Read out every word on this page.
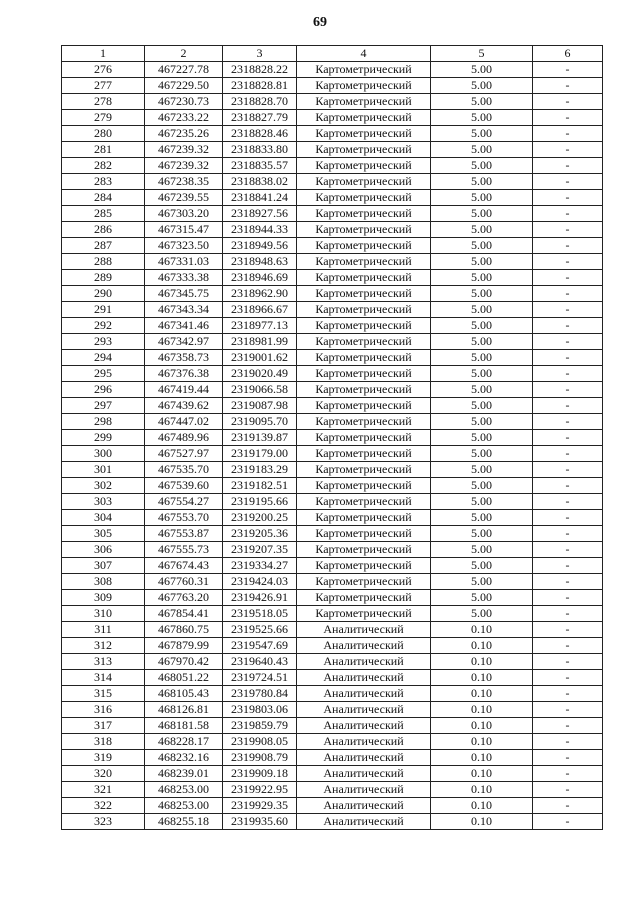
69
1	2	3	4	5	6
276	467227.78	2318828.22	Картометрический	5.00	-
277	467229.50	2318828.81	Картометрический	5.00	-
278	467230.73	2318828.70	Картометрический	5.00	-
279	467233.22	2318827.79	Картометрический	5.00	-
280	467235.26	2318828.46	Картометрический	5.00	-
281	467239.32	2318833.80	Картометрический	5.00	-
282	467239.32	2318835.57	Картометрический	5.00	-
283	467238.35	2318838.02	Картометрический	5.00	-
284	467239.55	2318841.24	Картометрический	5.00	-
285	467303.20	2318927.56	Картометрический	5.00	-
286	467315.47	2318944.33	Картометрический	5.00	-
287	467323.50	2318949.56	Картометрический	5.00	-
288	467331.03	2318948.63	Картометрический	5.00	-
289	467333.38	2318946.69	Картометрический	5.00	-
290	467345.75	2318962.90	Картометрический	5.00	-
291	467343.34	2318966.67	Картометрический	5.00	-
292	467341.46	2318977.13	Картометрический	5.00	-
293	467342.97	2318981.99	Картометрический	5.00	-
294	467358.73	2319001.62	Картометрический	5.00	-
295	467376.38	2319020.49	Картометрический	5.00	-
296	467419.44	2319066.58	Картометрический	5.00	-
297	467439.62	2319087.98	Картометрический	5.00	-
298	467447.02	2319095.70	Картометрический	5.00	-
299	467489.96	2319139.87	Картометрический	5.00	-
300	467527.97	2319179.00	Картометрический	5.00	-
301	467535.70	2319183.29	Картометрический	5.00	-
302	467539.60	2319182.51	Картометрический	5.00	-
303	467554.27	2319195.66	Картометрический	5.00	-
304	467553.70	2319200.25	Картометрический	5.00	-
305	467553.87	2319205.36	Картометрический	5.00	-
306	467555.73	2319207.35	Картометрический	5.00	-
307	467674.43	2319334.27	Картометрический	5.00	-
308	467760.31	2319424.03	Картометрический	5.00	-
309	467763.20	2319426.91	Картометрический	5.00	-
310	467854.41	2319518.05	Картометрический	5.00	-
311	467860.75	2319525.66	Аналитический	0.10	-
312	467879.99	2319547.69	Аналитический	0.10	-
313	467970.42	2319640.43	Аналитический	0.10	-
314	468051.22	2319724.51	Аналитический	0.10	-
315	468105.43	2319780.84	Аналитический	0.10	-
316	468126.81	2319803.06	Аналитический	0.10	-
317	468181.58	2319859.79	Аналитический	0.10	-
318	468228.17	2319908.05	Аналитический	0.10	-
319	468232.16	2319908.79	Аналитический	0.10	-
320	468239.01	2319909.18	Аналитический	0.10	-
321	468253.00	2319922.95	Аналитический	0.10	-
322	468253.00	2319929.35	Аналитический	0.10	-
323	468255.18	2319935.60	Аналитический	0.10	-
